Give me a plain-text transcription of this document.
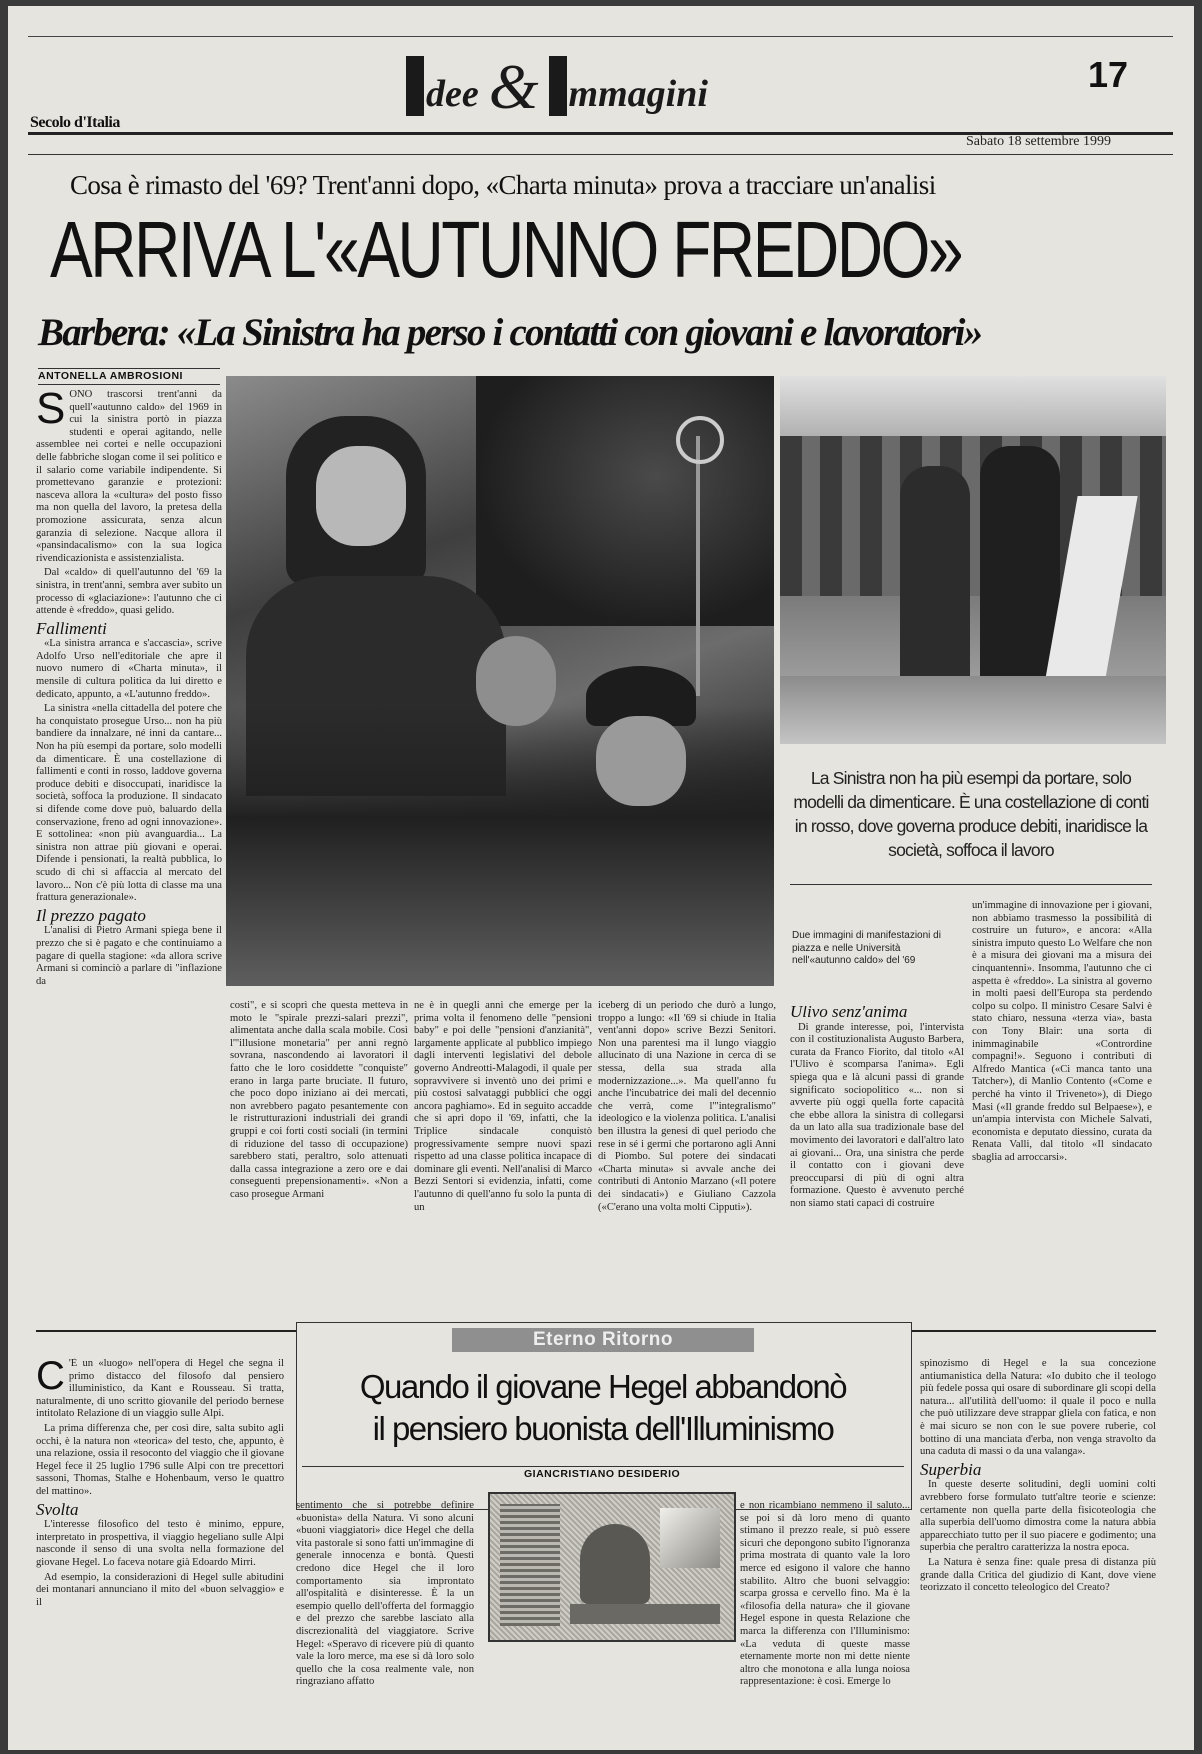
dee & mmagini	17
Secolo d'Italia
Sabato 18 settembre 1999
Cosa è rimasto del '69? Trent'anni dopo, «Charta minuta» prova a tracciare un'analisi
ARRIVA L'«AUTUNNO FREDDO»
Barbera: «La Sinistra ha perso i contatti con giovani e lavoratori»
ANTONELLA AMBROSIONI

SONO trascorsi trent'anni da quell'«autunno caldo» del 1969 in cui la sinistra portò in piazza studenti e operai agitando, nelle assemblee nei cortei e nelle occupazioni delle fabbriche slogan come il sei politico e il salario come variabile indipendente. Si promettevano garanzie e protezioni: nasceva allora la «cultura» del posto fisso ma non quella del lavoro, la pretesa della promozione assicurata, senza alcun garanzia di selezione. Nacque allora il «pansindacalismo» con la sua logica rivendicazionista e assistenzialista.

Dal «caldo» di quell'autunno del '69 la sinistra, in trent'anni, sembra aver subito un processo di «glaciazione»: l'autunno che ci attende è «freddo», quasi gelido.

Fallimenti

«La sinistra arranca e s'accascia», scrive Adolfo Urso nell'editoriale che apre il nuovo numero di «Charta minuta», il mensile di cultura politica da lui diretto e dedicato, appunto, a «L'autunno freddo».

La sinistra «nella cittadella del potere che ha conquistato prosegue Urso... non ha più bandiere da innalzare, né inni da cantare... Non ha più esempi da portare, solo modelli da dimenticare. È una costellazione di fallimenti e conti in rosso, laddove governa produce debiti e disoccupati, inaridisce la società, soffoca la produzione. Il sindacato si difende come dove può, baluardo della conservazione, freno ad ogni innovazione». E sottolinea: «non più avanguardia... La sinistra non attrae più giovani e operai. Difende i pensionati, la realtà pubblica, lo scudo di chi si affaccia al mercato del lavoro... Non c'è più lotta di classe ma una frattura generazionale».

Il prezzo pagato

L'analisi di Pietro Armani spiega bene il prezzo che si è pagato e che continuiamo a pagare di quella stagione: «da allora scrive Armani si cominciò a parlare di "inflazione da

La Sinistra non ha più esempi da portare, solo modelli da dimenticare. È una costellazione di conti in rosso, dove governa produce debiti, inaridisce la società, soffoca il lavoro
Due immagini di manifestazioni di piazza e nelle Università nell'«autunno caldo» del '69

costi", e si scoprì che questa metteva in moto le "spirale prezzi-salari prezzi", alimentata anche dalla scala mobile. Così l'"illusione monetaria" per anni regnò sovrana, nascondendo ai lavoratori il fatto che le loro cosiddette "conquiste" erano in larga parte bruciate. Il futuro, che poco dopo iniziano ai dei mercati, non avrebbero pagato pesantemente con le ristrutturazioni industriali dei grandi gruppi e coi forti costi sociali (in termini di riduzione del tasso di occupazione) sarebbero stati, peraltro, solo attenuati dalla cassa integrazione a zero ore e dai conseguenti prepensionamenti». «Non a caso prosegue Armani

ne è in quegli anni che emerge per la prima volta il fenomeno delle "pensioni baby" e poi delle "pensioni d'anzianità", largamente applicate al pubblico impiego dagli interventi legislativi del debole governo Andreotti-Malagodi, il quale per sopravvivere si inventò uno dei primi e più costosi salvataggi pubblici che oggi ancora paghiamo». Ed in seguito accadde che si aprì dopo il '69, infatti, che la Triplice sindacale conquistò progressivamente sempre nuovi spazi rispetto ad una classe politica incapace di dominare gli eventi. Nell'analisi di Marco Bezzi Sentori si evidenzia, infatti, come l'autunno di quell'anno fu solo la punta di un

iceberg di un periodo che durò a lungo, troppo a lungo: «Il '69 si chiude in Italia vent'anni dopo» scrive Bezzi Senitori. Non una parentesi ma il lungo viaggio allucinato di una Nazione in cerca di se stessa, della sua strada alla modernizzazione...». Ma quell'anno fu anche l'incubatrice dei mali del decennio che verrà, come l'"integralismo" ideologico e la violenza politica. L'analisi ben illustra la genesi di quel periodo che rese in sé i germi che portarono agli Anni di Piombo. Sul potere dei sindacati «Charta minuta» si avvale anche dei contributi di Antonio Marzano («Il potere dei sindacati») e Giuliano Cazzola («C'erano una volta molti Cipputi»).

Ulivo senz'anima

Di grande interesse, poi, l'intervista con il costituzionalista Augusto Barbera, curata da Franco Fiorito, dal titolo «Al l'Ulivo è scomparsa l'anima». Egli spiega qua e là alcuni passi di grande significato sociopolitico «... non si avverte più oggi quella forte capacità che ebbe allora la sinistra di collegarsi da un lato alla sua tradizionale base del movimento dei lavoratori e dall'altro lato ai giovani... Ora, una sinistra che perde il contatto con i giovani deve preoccuparsi di più di ogni altra formazione. Questo è avvenuto perché non siamo stati capaci di costruire

un'immagine di innovazione per i giovani, non abbiamo trasmesso la possibilità di costruire un futuro», e ancora: «Alla sinistra imputo questo Lo Welfare che non è a misura dei giovani ma a misura dei cinquantenni». Insomma, l'autunno che ci aspetta è «freddo». La sinistra al governo in molti paesi dell'Europa sta perdendo colpo su colpo. Il ministro Cesare Salvi è stato chiaro, nessuna «terza via», basta con Tony Blair: una sorta di inimmaginabile «Contrordine compagni!». Seguono i contributi di Alfredo Mantica («Ci manca tanto una Tatcher»), di Manlio Contento («Come e perché ha vinto il Triveneto»), di Diego Masi («Il grande freddo sul Belpaese»), e un'ampia intervista con Michele Salvati, economista e deputato diessino, curata da Renata Valli, dal titolo «Il sindacato sbaglia ad arroccarsi».

Eterno Ritorno
Quando il giovane Hegel abbandonò
il pensiero buonista dell'Illuminismo
GIANCRISTIANO DESIDERIO

C 'È un «luogo» nell'opera di Hegel che segna il primo distacco del filosofo dal pensiero illuministico, da Kant e Rousseau. Si tratta, naturalmente, di uno scritto giovanile del periodo bernese intitolato Relazione di un viaggio sulle Alpi.

La prima differenza che, per così dire, salta subito agli occhi, è la natura non «teorica» del testo, che, appunto, è una relazione, ossia il resoconto del viaggio che il giovane Hegel fece il 25 luglio 1796 sulle Alpi con tre precettori sassoni, Thomas, Stalhe e Hohenbaum, verso le quattro del mattino».

Svolta

L'interesse filosofico del testo è minimo, eppure, interpretato in prospettiva, il viaggio hegeliano sulle Alpi nasconde il senso di una svolta nella formazione del giovane Hegel. Lo faceva notare già Edoardo Mirri.

Ad esempio, la considerazioni di Hegel sulle abitudini dei montanari annunciano il mito del «buon selvaggio» e il

sentimento che si potrebbe definire «buonista» della Natura. Vi sono alcuni «buoni viaggiatori» dice Hegel che della vita pastorale si sono fatti un'immagine di generale innocenza e bontà. Questi credono dice Hegel che il loro comportamento sia improntato all'ospitalità e disinteresse. È la un esempio quello dell'offerta del formaggio e del prezzo che sarebbe lasciato alla discrezionalità del viaggiatore. Scrive Hegel: «Speravo di ricevere più di quanto vale la loro merce, ma ese si dà loro solo quello che la cosa realmente vale, non ringraziano affatto

e non ricambiano nemmeno il saluto... se poi si dà loro meno di quanto stimano il prezzo reale, si può essere sicuri che depongono subito l'ignoranza prima mostrata di quanto vale la loro merce ed esigono il valore che hanno stabilito. Altro che buoni selvaggio: scarpa grossa e cervello fino. Ma è la «filosofia della natura» che il giovane Hegel espone in questa Relazione che marca la differenza con l'Illuminismo: «La veduta di queste masse eternamente morte non mi dette niente altro che monotona e alla lunga noiosa rappresentazione: è così. Emerge lo

spinozismo di Hegel e la sua concezione antiumanistica della Natura: «Io dubito che il teologo più fedele possa qui osare di subordinare gli scopi della natura... all'utilità dell'uomo: il quale il poco e nulla che può utilizzare deve strappar gliela con fatica, e non è mai sicuro se non con le sue povere ruberie, col bottino di una manciata d'erba, non venga stravolto da una caduta di massi o da una valanga».

Superbia

In queste deserte solitudini, degli uomini colti avrebbero forse formulato tutt'altre teorie e scienze: certamente non quella parte della fisicoteologia che alla superbia dell'uomo dimostra come la natura abbia apparecchiato tutto per il suo piacere e godimento; una superbia che peraltro caratterizza la nostra epoca.

La Natura è senza fine: quale presa di distanza più grande dalla Critica del giudizio di Kant, dove viene teorizzato il concetto teleologico del Creato?
